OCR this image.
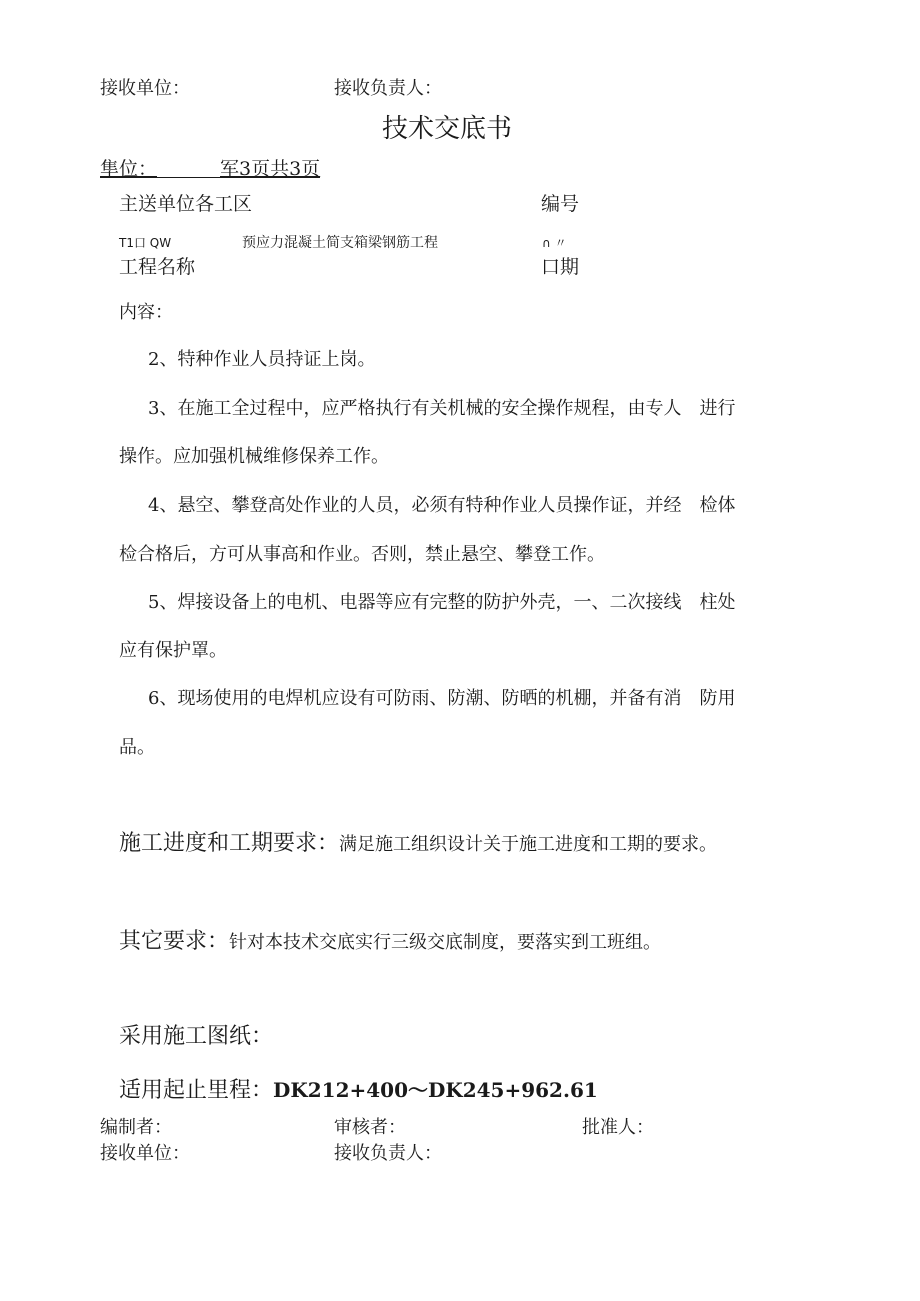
接收单位：	接收负责人：
技术交底书
隼位：	军3页共3页
主送单位各工区	编号
T1口 QW	预应力混凝土简支箱梁钢筋工程	∩ 〃
工程名称	口期
内容：
2、特种作业人员持证上岗。
3、在施工全过程中，应严格执行有关机械的安全操作规程，由专人　进行
操作。应加强机械维修保养工作。
4、悬空、攀登高处作业的人员，必须有特种作业人员操作证，并经　检体
检合格后，方可从事高和作业。否则，禁止悬空、攀登工作。
5、焊接设备上的电机、电器等应有完整的防护外壳，一、二次接线　柱处
应有保护罩。
6、现场使用的电焊机应设有可防雨、防潮、防晒的机棚，并备有消　防用
品。
施工进度和工期要求：满足施工组织设计关于施工进度和工期的要求。
其它要求：针对本技术交底实行三级交底制度，要落实到工班组。
采用施工图纸：
适用起止里程：DK212+400～DK245+962.61
编制者：	审核者：	批准人：
接收单位：	接收负责人：
